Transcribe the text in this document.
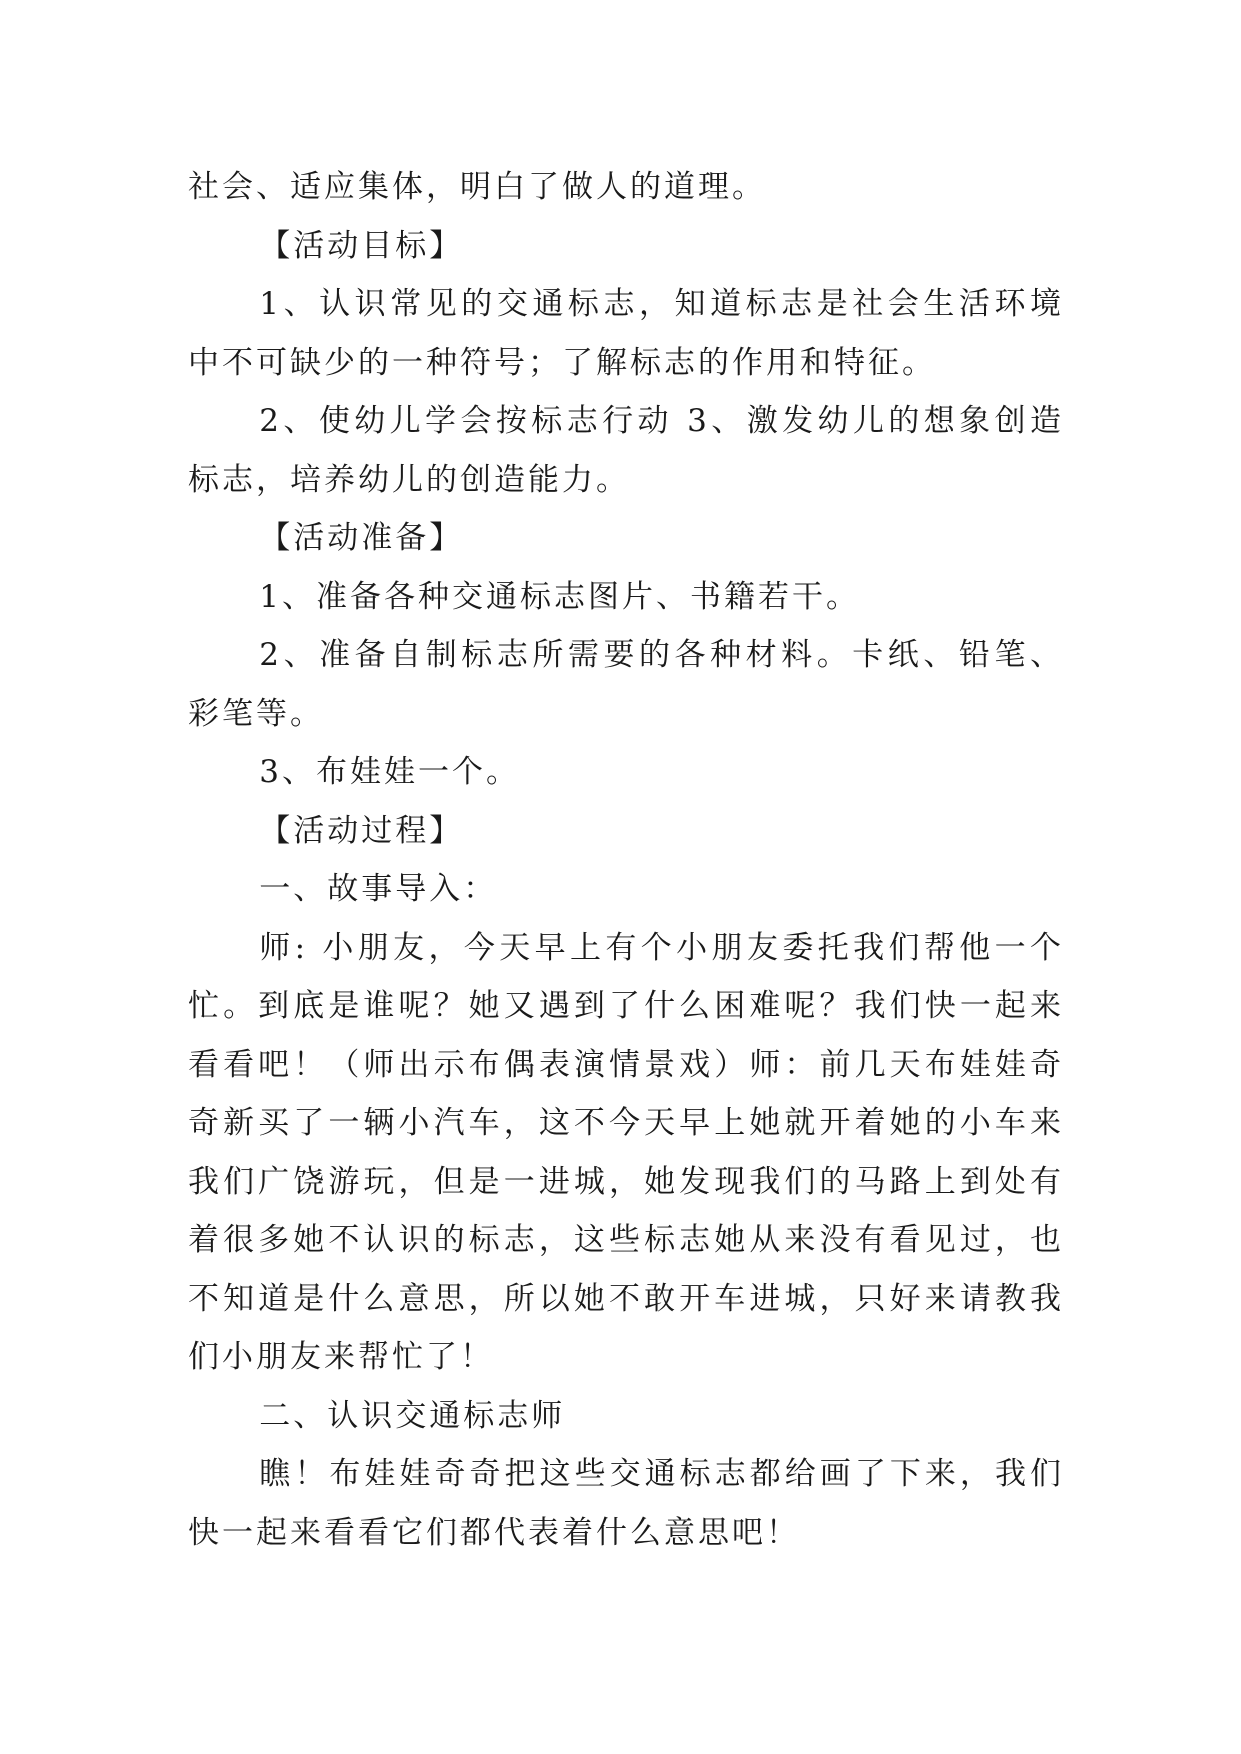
社会、适应集体，明白了做人的道理。

【活动目标】

1、认识常见的交通标志，知道标志是社会生活环境中不可缺少的一种符号；了解标志的作用和特征。

2、使幼儿学会按标志行动 3、激发幼儿的想象创造标志，培养幼儿的创造能力。

【活动准备】

1、准备各种交通标志图片、书籍若干。

2、准备自制标志所需要的各种材料。卡纸、铅笔、彩笔等。

3、布娃娃一个。

【活动过程】

一、故事导入：

师: 小朋友，今天早上有个小朋友委托我们帮他一个忙。到底是谁呢？她又遇到了什么困难呢？我们快一起来看看吧！（师出示布偶表演情景戏）师：前几天布娃娃奇奇新买了一辆小汽车，这不今天早上她就开着她的小车来我们广饶游玩，但是一进城，她发现我们的马路上到处有着很多她不认识的标志，这些标志她从来没有看见过，也不知道是什么意思，所以她不敢开车进城，只好来请教我们小朋友来帮忙了！

二、认识交通标志师

瞧！布娃娃奇奇把这些交通标志都给画了下来，我们快一起来看看它们都代表着什么意思吧！
